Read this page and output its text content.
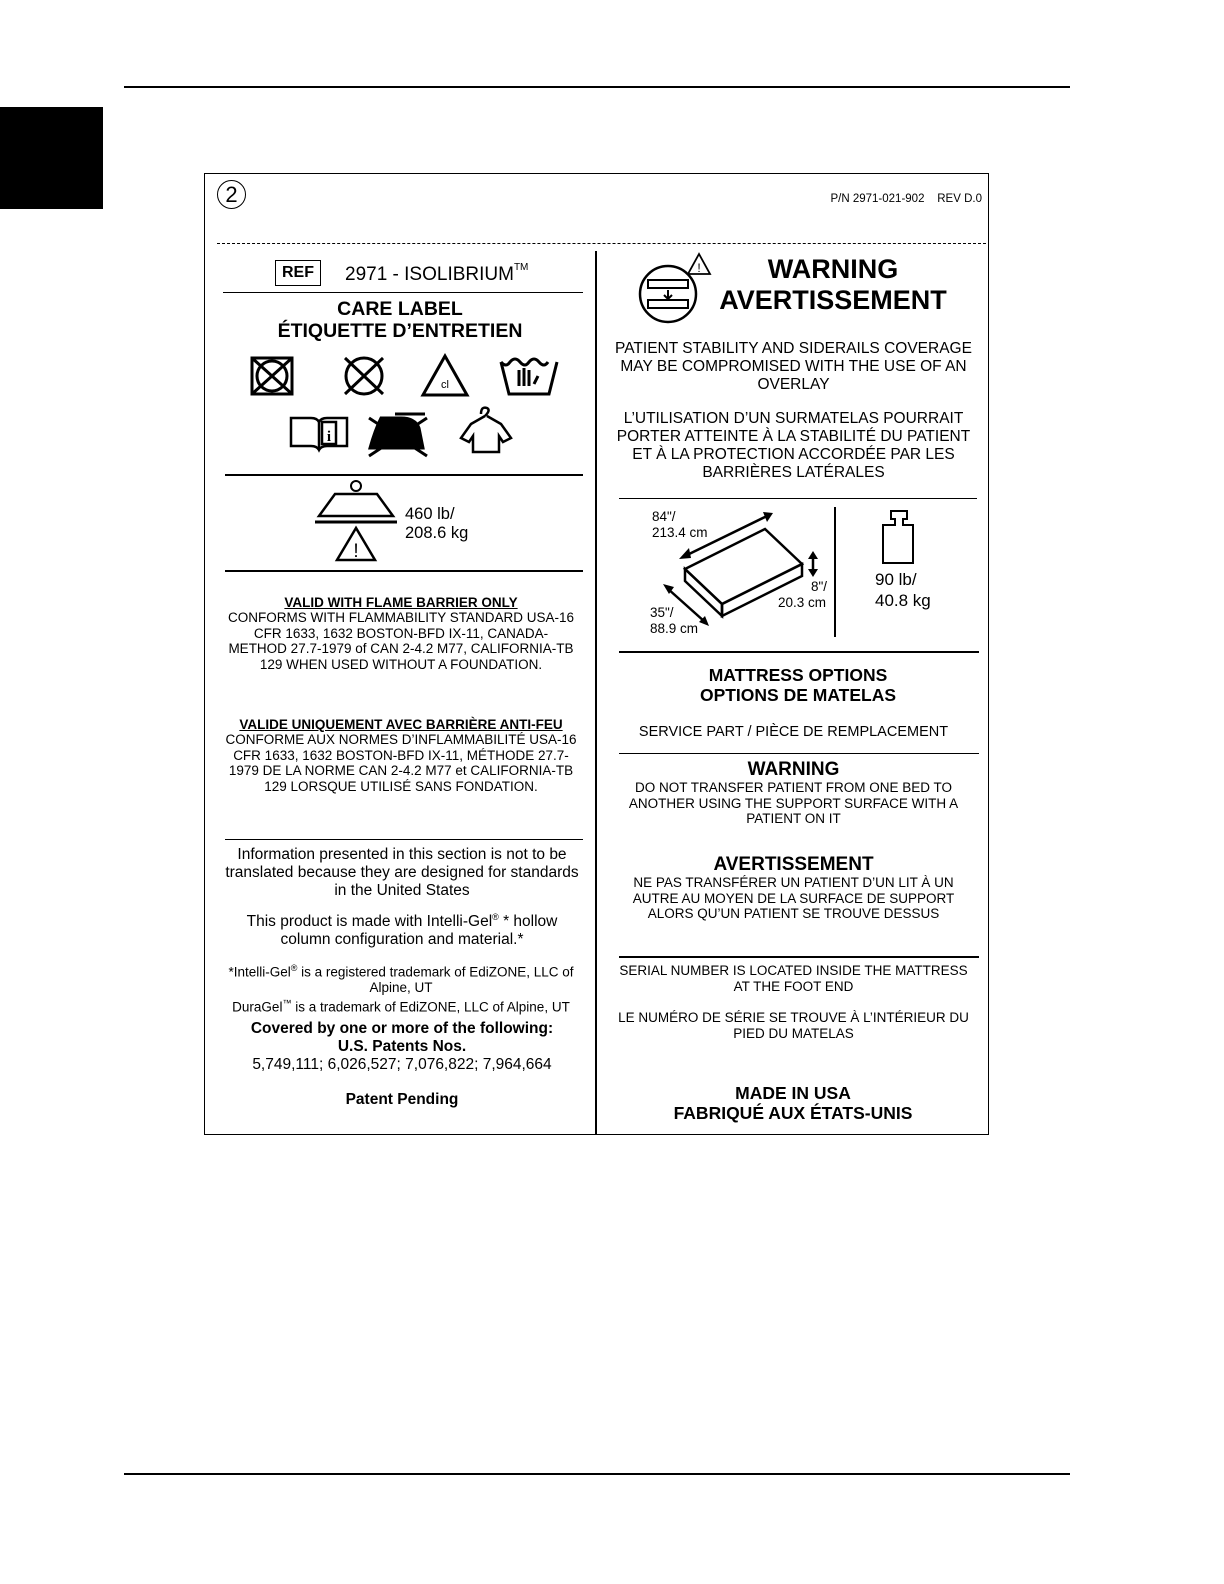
2	P/N 2971-021-902 REV D.0
REF	2971 - ISOLIBRIUM™
CARE LABEL
ÉTIQUETTE D’ENTRETIEN
cl
i
!
460 lb/
208.6 kg
VALID WITH FLAME BARRIER ONLY
CONFORMS WITH FLAMMABILITY STANDARD USA-16
CFR 1633, 1632 BOSTON-BFD IX-11, CANADA-
METHOD 27.7-1979 of CAN 2-4.2 M77, CALIFORNIA-TB
129 WHEN USED WITHOUT A FOUNDATION.
VALIDE UNIQUEMENT AVEC BARRIÈRE ANTI-FEU
CONFORME AUX NORMES D’INFLAMMABILITÉ USA-16
CFR 1633, 1632 BOSTON-BFD IX-11, MÉTHODE 27.7-
1979 DE LA NORME CAN 2-4.2 M77 et CALIFORNIA-TB
129 LORSQUE UTILISÉ SANS FONDATION.
Information presented in this section is not to be
translated because they are designed for standards
in the United States
This product is made with Intelli-Gel® * hollow
column configuration and material.*
*Intelli-Gel® is a registered trademark of EdiZONE, LLC of
Alpine, UT
DuraGel™ is a trademark of EdiZONE, LLC of Alpine, UT
Covered by one or more of the following:
U.S. Patents Nos.
5,749,111; 6,026,527; 7,076,822; 7,964,664
Patent Pending
!	WARNING
AVERTISSEMENT
PATIENT STABILITY AND SIDERAILS COVERAGE
MAY BE COMPROMISED WITH THE USE OF AN
OVERLAY
L’UTILISATION D’UN SURMATELAS POURRAIT
PORTER ATTEINTE À LA STABILITÉ DU PATIENT
ET À LA PROTECTION ACCORDÉE PAR LES
BARRIÈRES LATÉRALES
84"/
213.4 cm
8"/
20.3 cm
35"/
88.9 cm
90 lb/
40.8 kg
MATTRESS OPTIONS
OPTIONS DE MATELAS
SERVICE PART / PIÈCE DE REMPLACEMENT
WARNING
DO NOT TRANSFER PATIENT FROM ONE BED TO
ANOTHER USING THE SUPPORT SURFACE WITH A
PATIENT ON IT
AVERTISSEMENT
NE PAS TRANSFÉRER UN PATIENT D’UN LIT À UN
AUTRE AU MOYEN DE LA SURFACE DE SUPPORT
ALORS QU’UN PATIENT SE TROUVE DESSUS
SERIAL NUMBER IS LOCATED INSIDE THE MATTRESS
AT THE FOOT END
LE NUMÉRO DE SÉRIE SE TROUVE À L’INTÉRIEUR DU
PIED DU MATELAS
MADE IN USA
FABRIQUÉ AUX ÉTATS-UNIS
